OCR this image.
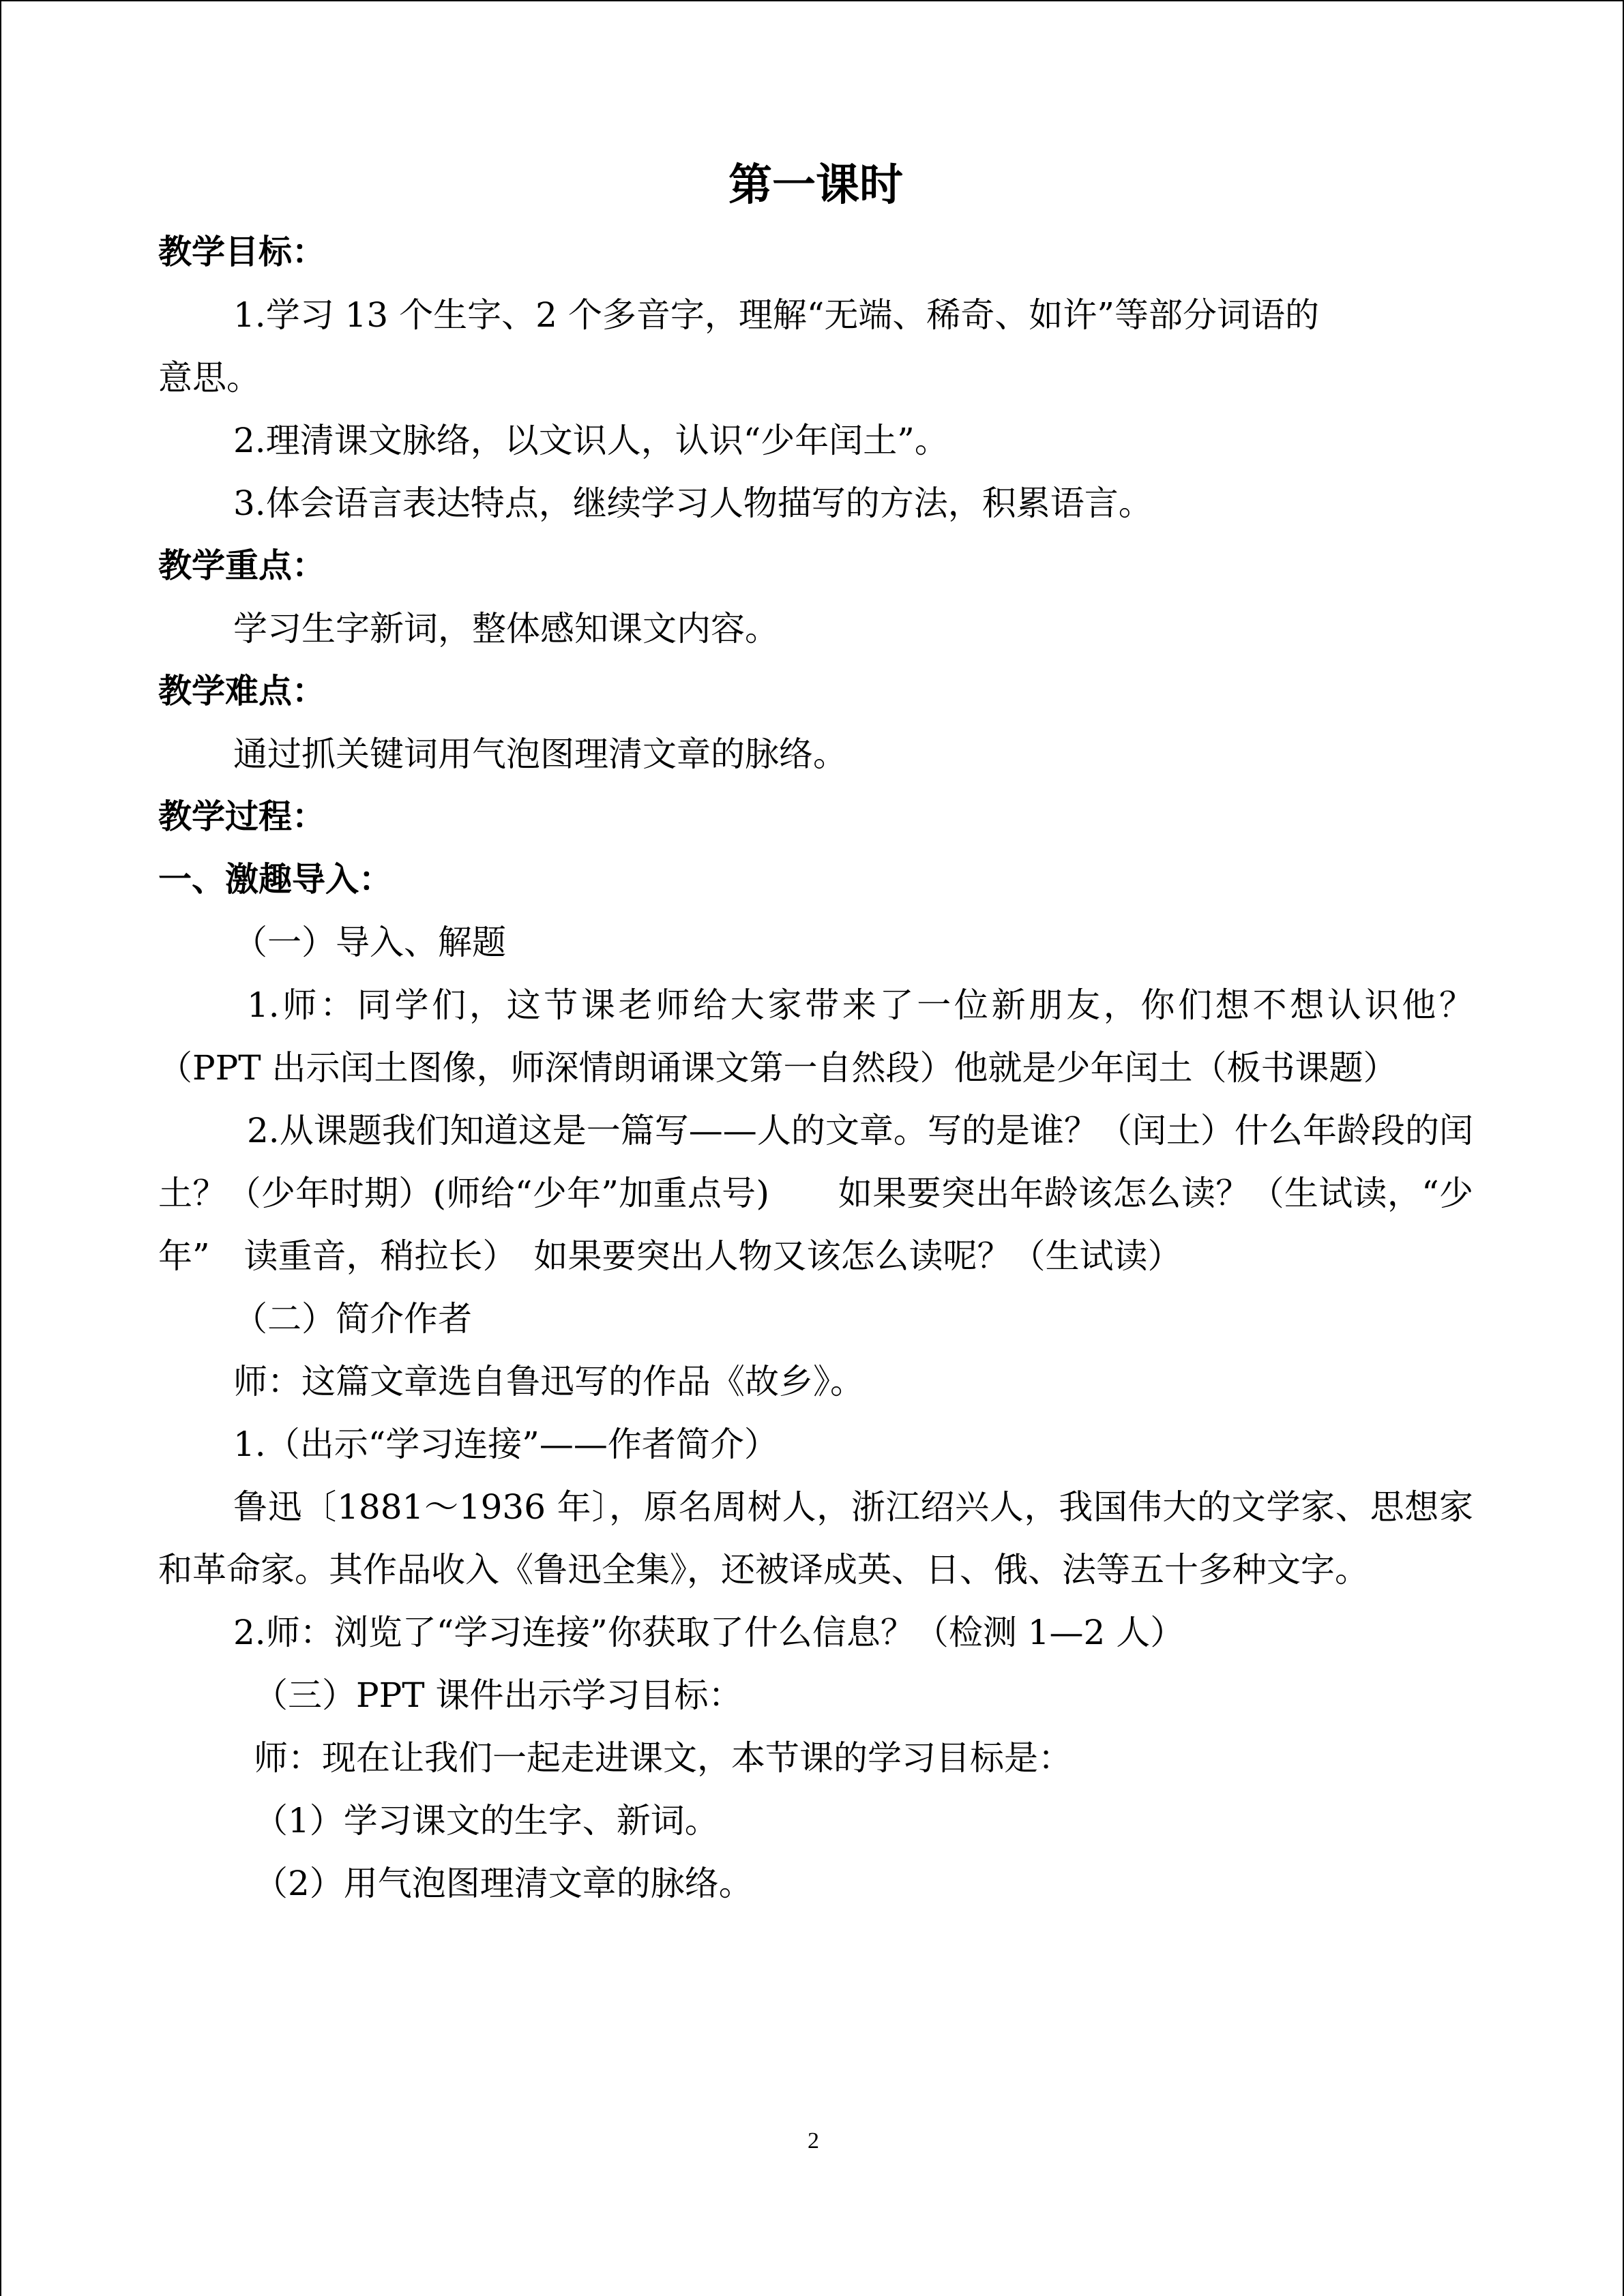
第一课时
教学目标：
1.学习 13 个生字、2 个多音字，理解“无端、稀奇、如许”等部分词语的
意思。
2.理清课文脉络，以文识人，认识“少年闰土”。
3.体会语言表达特点，继续学习人物描写的方法，积累语言。
教学重点：
学习生字新词，整体感知课文内容。
教学难点：
通过抓关键词用气泡图理清文章的脉络。
教学过程：
一、激趣导入：
（一）导入、解题
1.师：同学们，这节课老师给大家带来了一位新朋友，你们想不想认识他？（PPT 出示闰土图像，师深情朗诵课文第一自然段）他就是少年闰土（板书课题）
2.从课题我们知道这是一篇写——人的文章。写的是谁？（闰土）什么年龄段的闰土？（少年时期）(师给“少年”加重点号)　　如果要突出年龄该怎么读？（生试读，“少年”　读重音，稍拉长）　如果要突出人物又该怎么读呢？（生试读）
（二）简介作者
师：这篇文章选自鲁迅写的作品《故乡》。
1.（出示“学习连接”——作者简介）
鲁迅〔1881～1936 年〕，原名周树人，浙江绍兴人，我国伟大的文学家、思想家和革命家。其作品收入《鲁迅全集》，还被译成英、日、俄、法等五十多种文字。
2.师：浏览了“学习连接”你获取了什么信息？（检测 1—2 人）
（三）PPT 课件出示学习目标：
师：现在让我们一起走进课文，本节课的学习目标是：
（1）学习课文的生字、新词。
（2）用气泡图理清文章的脉络。
2
